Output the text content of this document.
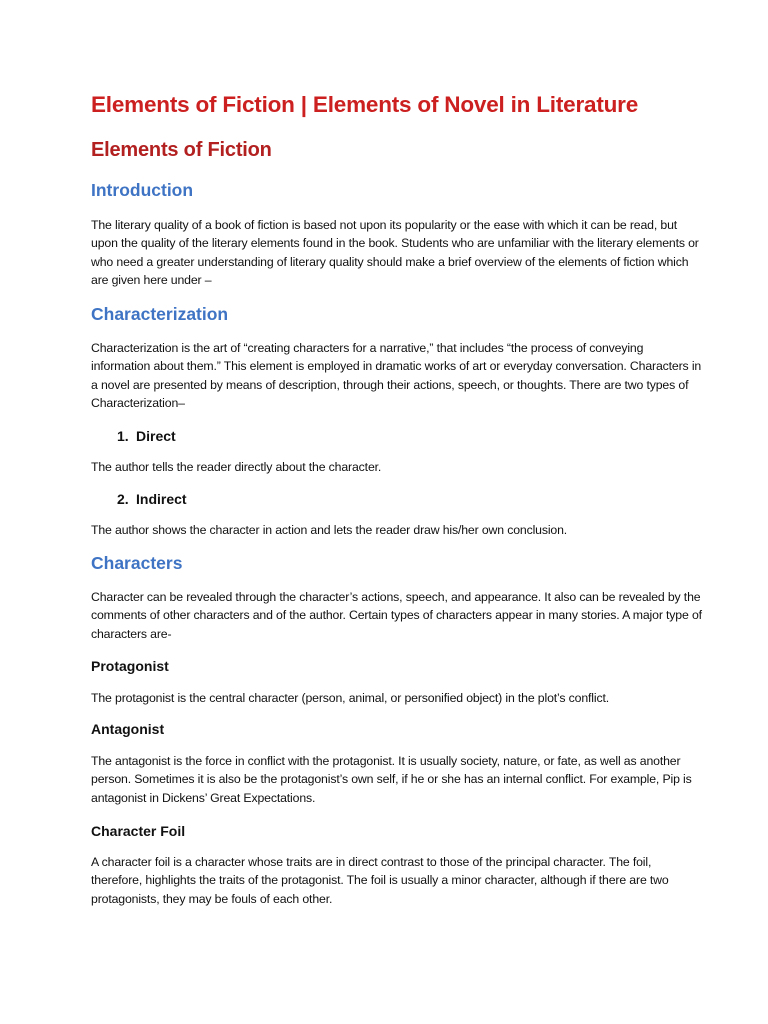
Elements of Fiction | Elements of Novel in Literature
Elements of Fiction
Introduction

The literary quality of a book of fiction is based not upon its popularity or the ease with which it can be read, but upon the quality of the literary elements found in the book. Students who are unfamiliar with the literary elements or who need a greater understanding of literary quality should make a brief overview of the elements of fiction which are given here under –

Characterization

Characterization is the art of “creating characters for a narrative,” that includes “the process of conveying information about them.” This element is employed in dramatic works of art or everyday conversation. Characters in a novel are presented by means of description, through their actions, speech, or thoughts. There are two types of Characterization–

1. Direct

The author tells the reader directly about the character.

2. Indirect

The author shows the character in action and lets the reader draw his/her own conclusion.

Characters

Character can be revealed through the character’s actions, speech, and appearance. It also can be revealed by the comments of other characters and of the author. Certain types of characters appear in many stories. A major type of characters are-

Protagonist

The protagonist is the central character (person, animal, or personified object) in the plot’s conflict.

Antagonist

The antagonist is the force in conflict with the protagonist. It is usually society, nature, or fate, as well as another person. Sometimes it is also be the protagonist’s own self, if he or she has an internal conflict. For example, Pip is antagonist in Dickens’ Great Expectations.

Character Foil

A character foil is a character whose traits are in direct contrast to those of the principal character. The foil, therefore, highlights the traits of the protagonist. The foil is usually a minor character, although if there are two protagonists, they may be fouls of each other.
